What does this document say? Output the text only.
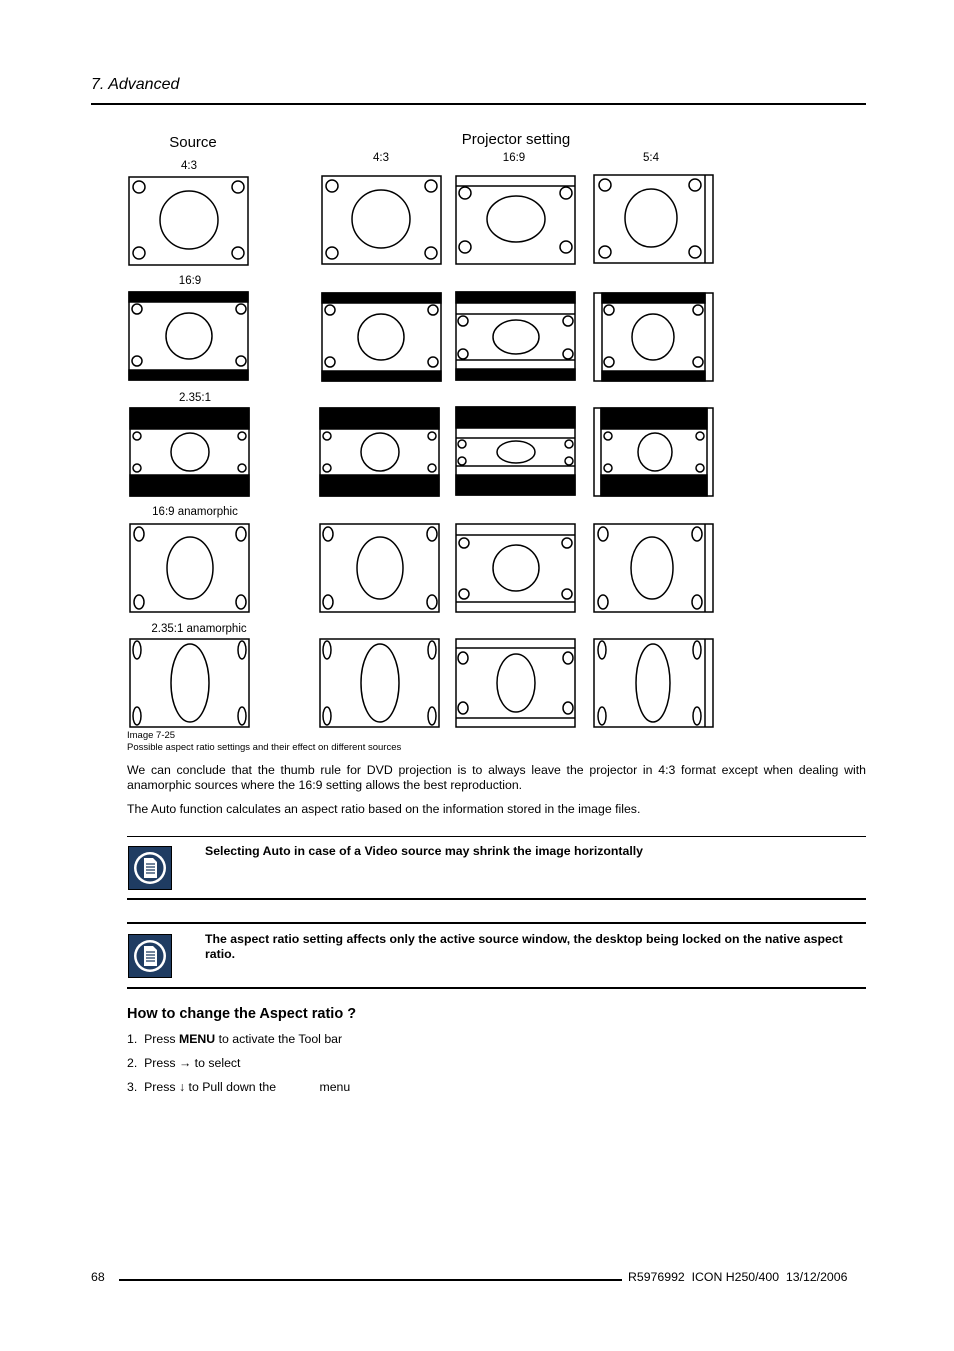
7. Advanced
Source	Projector setting
4:3	16:9	5:4
4:3
16:9
2.35:1
16:9 anamorphic
2.35:1 anamorphic
Image 7-25
Possible aspect ratio settings and their effect on different sources
We can conclude that the thumb rule for DVD projection is to always leave the projector in 4:3 format except when dealing with anamorphic sources where the 16:9 setting allows the best reproduction.
The Auto function calculates an aspect ratio based on the information stored in the image files.
Selecting Auto in case of a Video source may shrink the image horizontally
The aspect ratio setting affects only the active source window, the desktop being locked on the native aspect ratio.
How to change the Aspect ratio ?
1. Press MENU to activate the Tool bar
2. Press → to select
3. Press ↓ to Pull down the	menu
68	R5976992  ICON H250/400  13/12/2006
